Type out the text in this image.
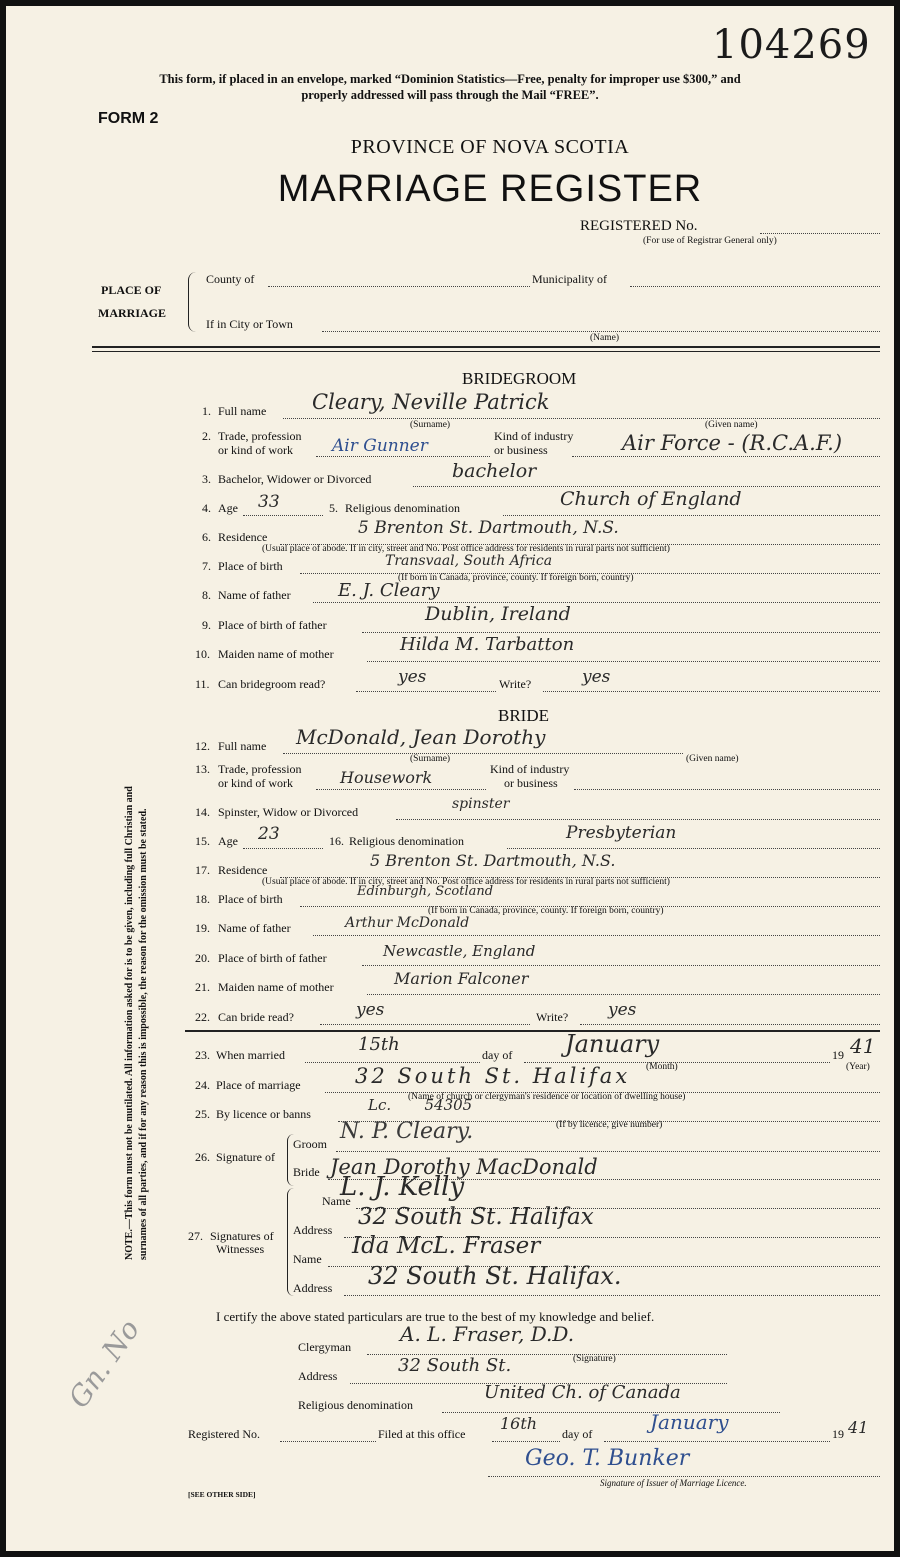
104269
This form, if placed in an envelope, marked “Dominion Statistics—Free, penalty for improper use $300,” and
properly addressed will pass through the Mail “FREE”.
FORM 2
PROVINCE OF NOVA SCOTIA
MARRIAGE REGISTER
REGISTERED No.
(For use of Registrar General only)
PLACE OF
MARRIAGE
County of	Municipality of
If in City or Town
(Name)
BRIDEGROOM
1. Full name Cleary, Neville Patrick
(Surname)	(Given name)
2. Trade, profession
or kind of work Air Gunner	Kind of industry
or business	Air Force - (R.C.A.F.)
3. Bachelor, Widower or Divorced	bachelor
4. Age 33	5. Religious denomination	Church of England
6. Residence	5 Brenton St. Dartmouth, N.S.
(Usual place of abode. If in city, street and No. Post office address for residents in rural parts not sufficient)
7. Place of birth	Transvaal, South Africa
(If born in Canada, province, county. If foreign born, country)
8. Name of father	E. J. Cleary
9. Place of birth of father	Dublin, Ireland
10. Maiden name of mother	Hilda M. Tarbatton
11. Can bridegroom read?	yes	Write?	yes
BRIDE
12. Full name McDonald, Jean Dorothy
(Surname)	(Given name)
13. Trade, profession
or kind of work	Housework	Kind of industry
or business
14. Spinster, Widow or Divorced	spinster
15. Age 23	16. Religious denomination	Presbyterian
17. Residence	5 Brenton St. Dartmouth, N.S.
(Usual place of abode. If in city, street and No. Post office address for residents in rural parts not sufficient)
18. Place of birth	Edinburgh, Scotland
(If born in Canada, province, county. If foreign born, country)
19. Name of father	Arthur McDonald
20. Place of birth of father	Newcastle, England
21. Maiden name of mother	Marion Falconer
22. Can bride read?	yes	Write? yes
23. When married	15th	day of January
(Month)
19 41
(Year)
24. Place of marriage	32 South St. Halifax
(Name of church or clergyman's residence or location of dwelling house)
25. By licence or banns	Lc.       54305
(If by licence, give number)
26. Signature of
Groom N. P. Cleary.
Bride Jean Dorothy MacDonald
27. Signatures of
Witnesses
Name
L. J. Kelly
Address 32 South St. Halifax
Name Ida McL. Fraser
Address 32 South St. Halifax.
I certify the above stated particulars are true to the best of my knowledge and belief.
Clergyman
A. L. Fraser, D.D.
(Signature)
Address	32 South St.
Religious denomination
United Ch. of Canada
Registered No.	Filed at this office
16th
day of	January	19 41
Geo. T. Bunker
Signature of Issuer of Marriage Licence.
[SEE OTHER SIDE]
NOTE.—This form must not be mutilated. All information asked for is to be given, including full Christian and surnames of all parties, and if for any reason this is impossible, the reason for the omission must be stated.
Gn. No
